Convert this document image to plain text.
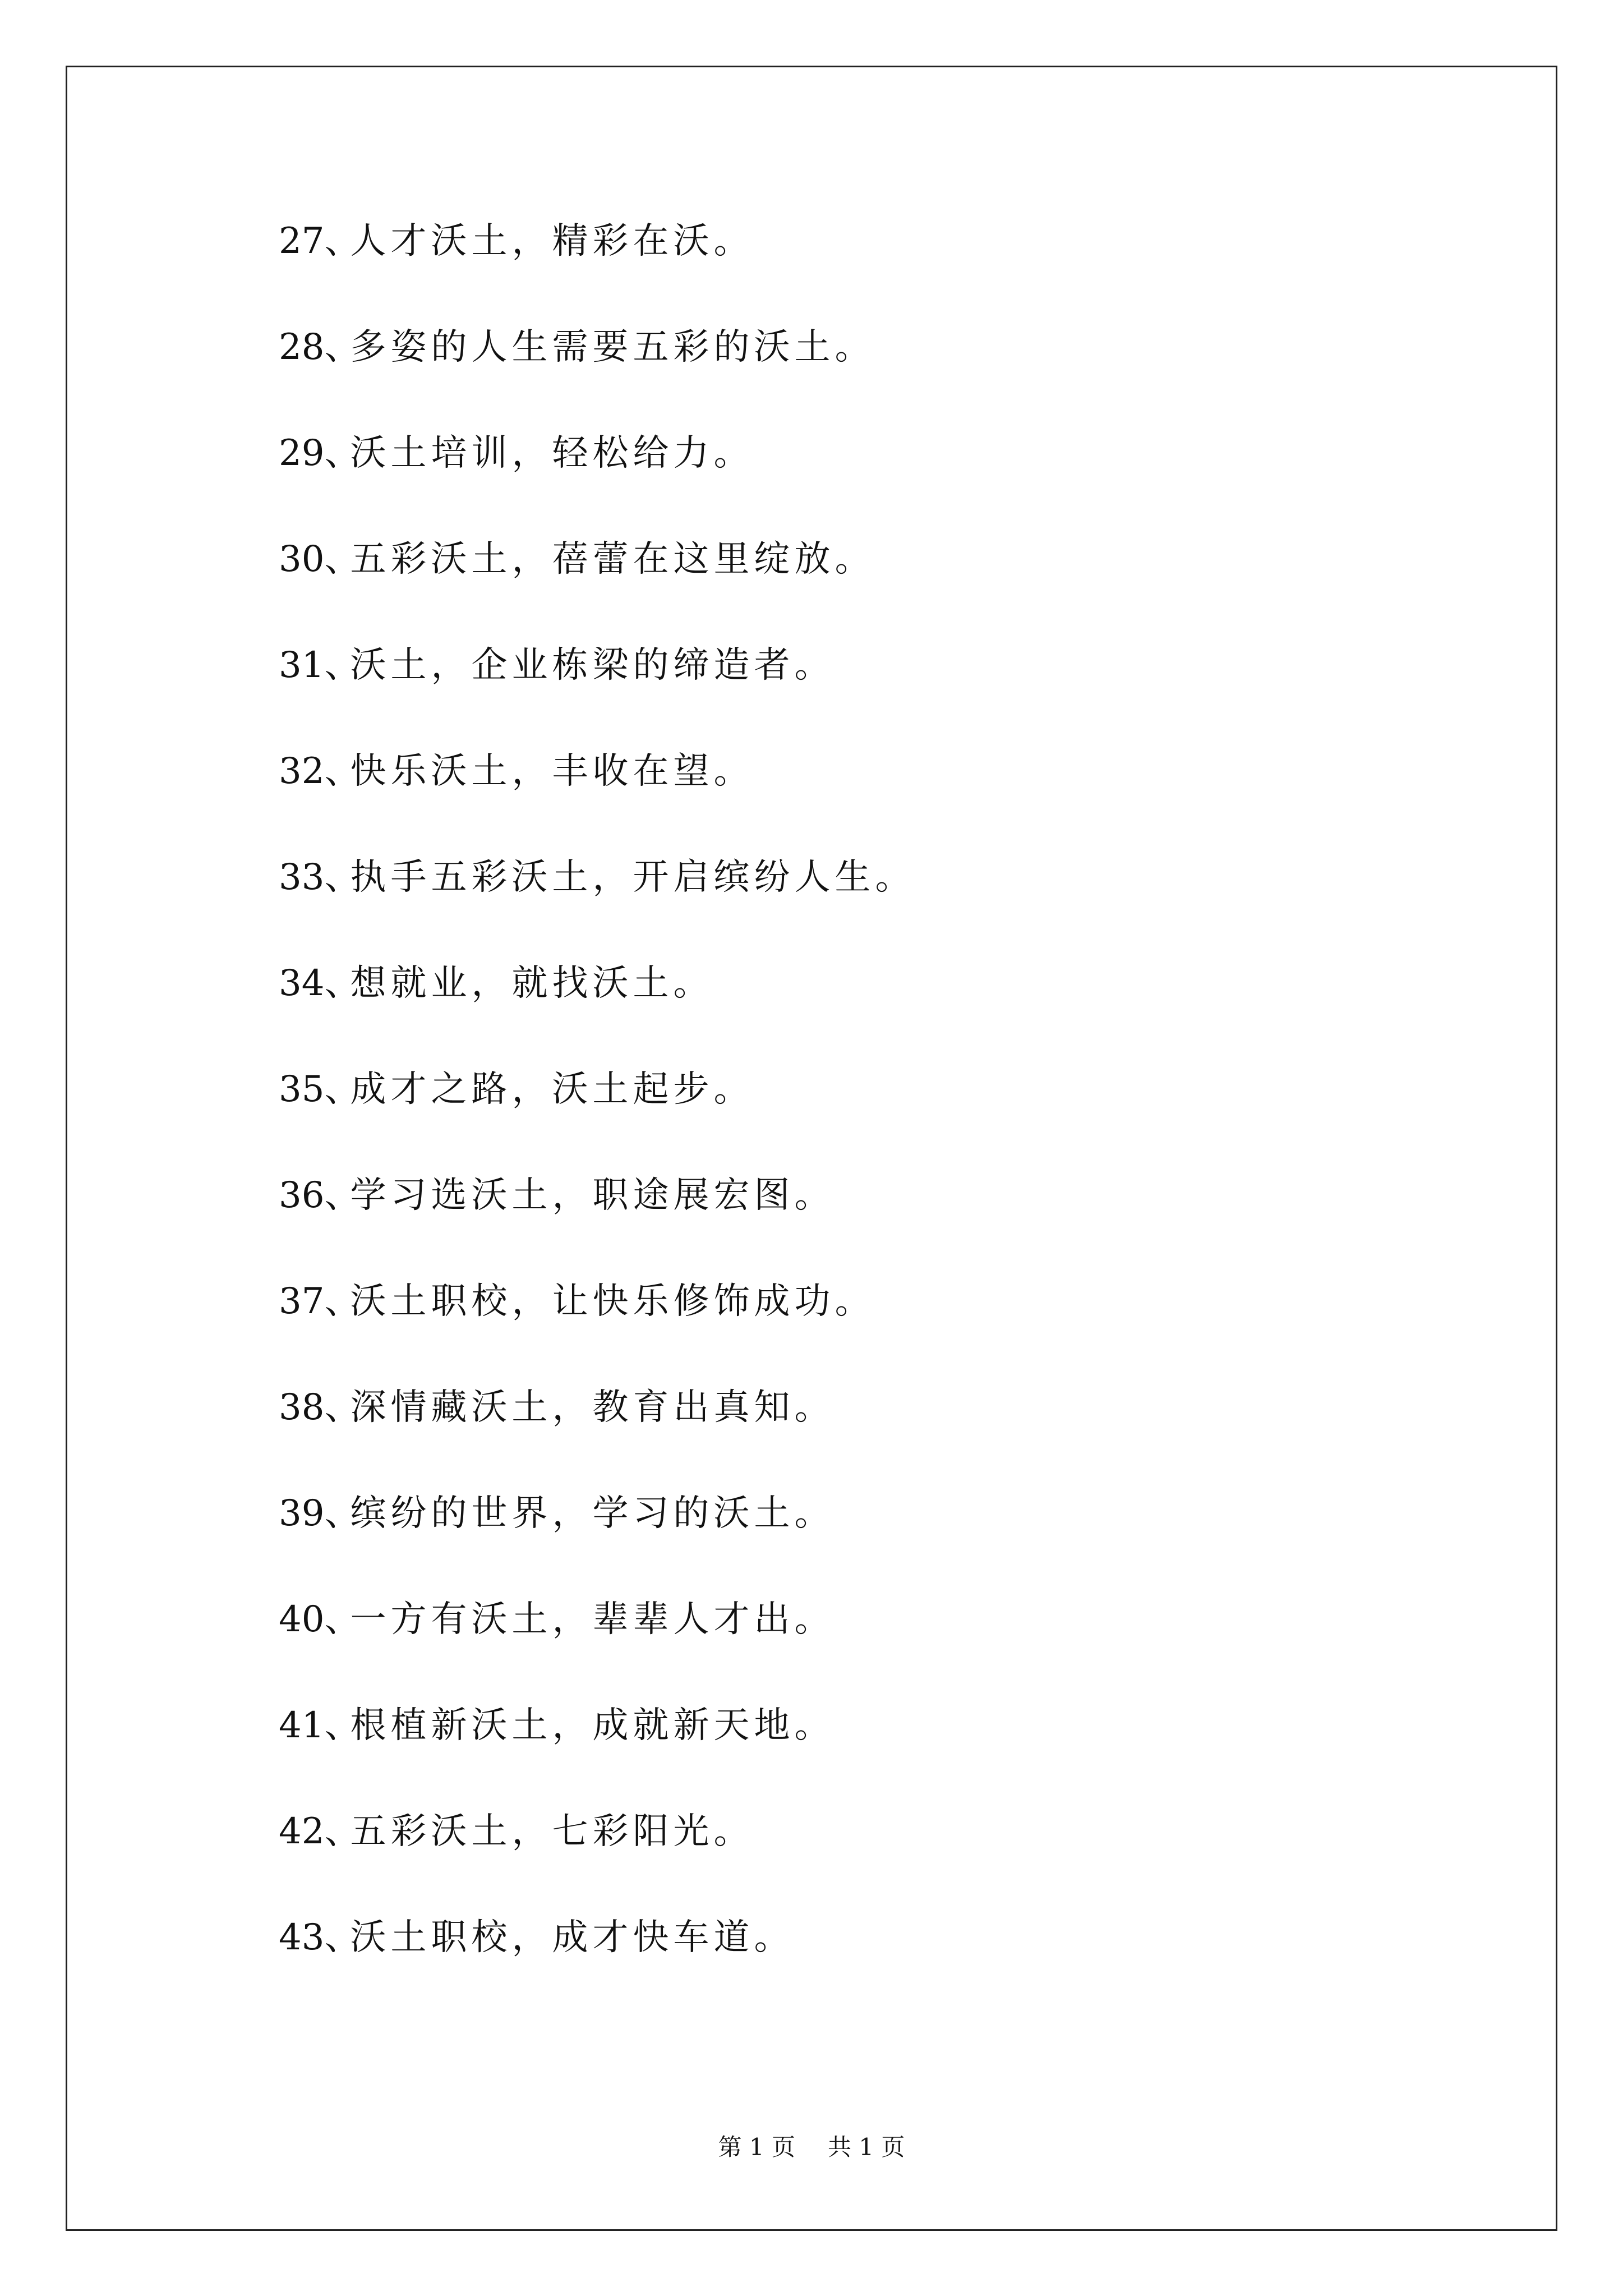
27、人才沃土，精彩在沃。
28、多姿的人生需要五彩的沃土。
29、沃土培训，轻松给力。
30、五彩沃土，蓓蕾在这里绽放。
31、沃土，企业栋梁的缔造者。
32、快乐沃土，丰收在望。
33、执手五彩沃土，开启缤纷人生。
34、想就业，就找沃土。
35、成才之路，沃土起步。
36、学习选沃土，职途展宏图。
37、沃土职校，让快乐修饰成功。
38、深情藏沃土，教育出真知。
39、缤纷的世界，学习的沃土。
40、一方有沃土，辈辈人才出。
41、根植新沃土，成就新天地。
42、五彩沃土，七彩阳光。
43、沃土职校，成才快车道。
第 1 页 共 1 页
